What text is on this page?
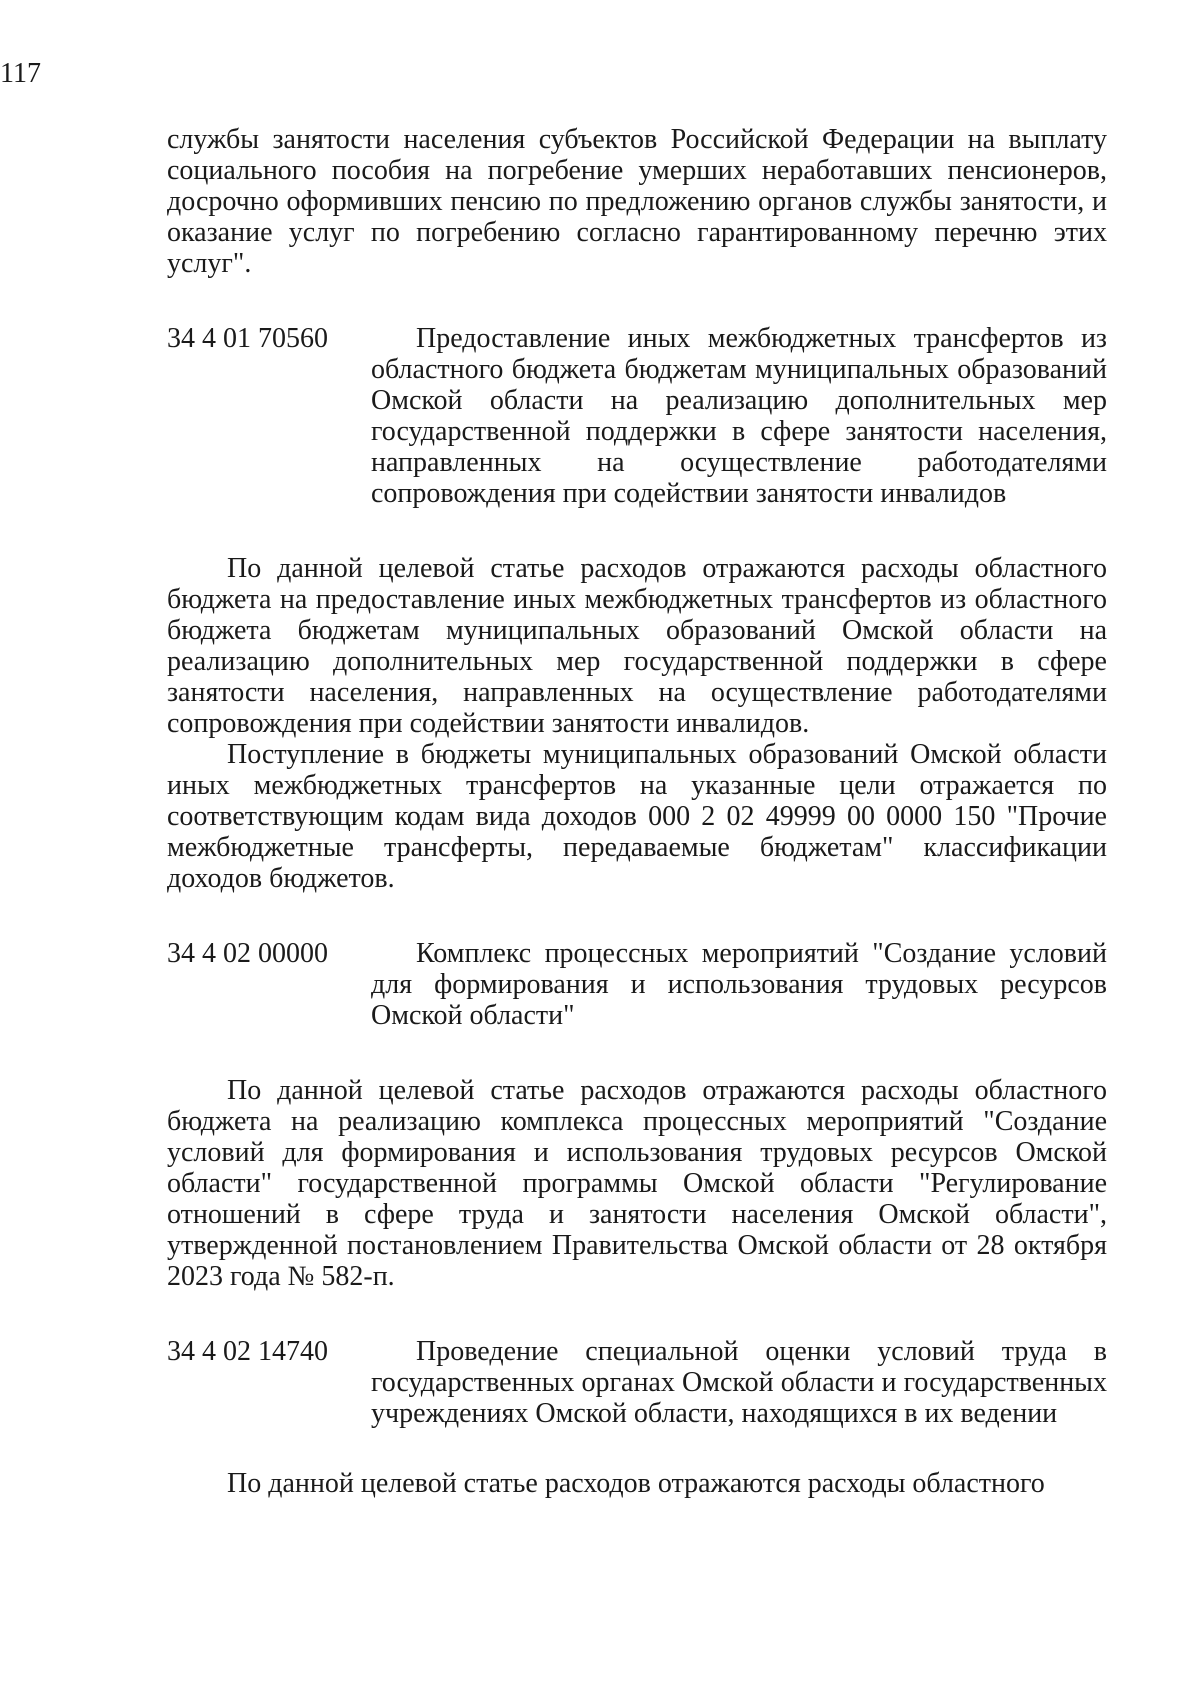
117

службы занятости населения субъектов Российской Федерации на выплату социального пособия на погребение умерших неработавших пенсионеров, досрочно оформивших пенсию по предложению органов службы занятости, и оказание услуг по погребению согласно гарантированному перечню этих услуг".

34 4 01 70560	Предоставление иных межбюджетных трансфертов из областного бюджета бюджетам муниципальных образований Омской области на реализацию дополнительных мер государственной поддержки в сфере занятости населения, направленных на осуществление работодателями сопровождения при содействии занятости инвалидов

По данной целевой статье расходов отражаются расходы областного бюджета на предоставление иных межбюджетных трансфертов из областного бюджета бюджетам муниципальных образований Омской области на реализацию дополнительных мер государственной поддержки в сфере занятости населения, направленных на осуществление работодателями сопровождения при содействии занятости инвалидов.

Поступление в бюджеты муниципальных образований Омской области иных межбюджетных трансфертов на указанные цели отражается по соответствующим кодам вида доходов 000 2 02 49999 00 0000 150 "Прочие межбюджетные трансферты, передаваемые бюджетам" классификации доходов бюджетов.

34 4 02 00000	Комплекс процессных мероприятий "Создание условий для формирования и использования трудовых ресурсов Омской области"

По данной целевой статье расходов отражаются расходы областного бюджета на реализацию комплекса процессных мероприятий "Создание условий для формирования и использования трудовых ресурсов Омской области" государственной программы Омской области "Регулирование отношений в сфере труда и занятости населения Омской области", утвержденной постановлением Правительства Омской области от 28 октября 2023 года № 582-п.

34 4 02 14740	Проведение специальной оценки условий труда в государственных органах Омской области и государственных учреждениях Омской области, находящихся в их ведении

По данной целевой статье расходов отражаются расходы областного
